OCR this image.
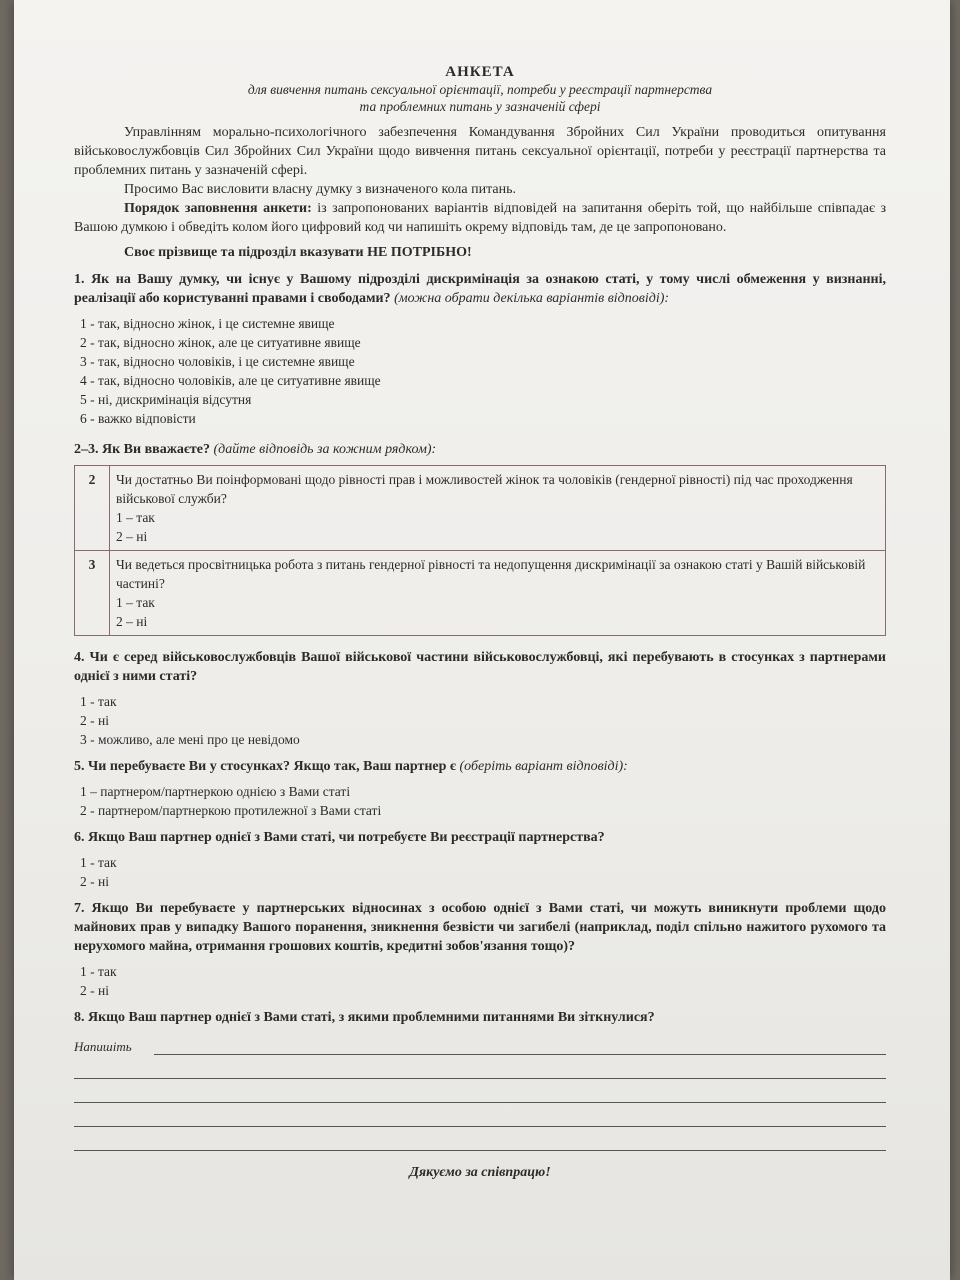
АНКЕТА
для вивчення питань сексуальної орієнтації, потреби у реєстрації партнерства
та проблемних питань у зазначеній сфері

Управлінням морально-психологічного забезпечення Командування Збройних Сил України проводиться опитування військовослужбовців Сил Збройних Сил України щодо вивчення питань сексуальної орієнтації, потреби у реєстрації партнерства та проблемних питань у зазначеній сфері.

Просимо Вас висловити власну думку з визначеного кола питань.

Порядок заповнення анкети: із запропонованих варіантів відповідей на запитання оберіть той, що найбільше співпадає з Вашою думкою і обведіть колом його цифровий код чи напишіть окрему відповідь там, де це запропоновано.

Своє прізвище та підрозділ вказувати НЕ ПОТРІБНО!

1. Як на Вашу думку, чи існує у Вашому підрозділі дискримінація за ознакою статі, у тому числі обмеження у визнанні, реалізації або користуванні правами і свободами? (можна обрати декілька варіантів відповіді):
1 - так, відносно жінок, і це системне явище
2 - так, відносно жінок, але це ситуативне явище
3 - так, відносно чоловіків, і це системне явище
4 - так, відносно чоловіків, але це ситуативне явище
5 - ні, дискримінація відсутня
6 - важко відповісти
2–3. Як Ви вважаєте? (дайте відповідь за кожним рядком):
2	Чи достатньо Ви поінформовані щодо рівності прав і можливостей жінок та чоловіків (гендерної рівності) під час проходження військової служби?
1 – так
2 – ні

3	Чи ведеться просвітницька робота з питань гендерної рівності та недопущення дискримінації за ознакою статі у Вашій військовій частині?
1 – так
2 – ні
4. Чи є серед військовослужбовців Вашої військової частини військовослужбовці, які перебувають в стосунках з партнерами однієї з ними статі?
1 - так
2 - ні
3 - можливо, але мені про це невідомо
5. Чи перебуваєте Ви у стосунках? Якщо так, Ваш партнер є (оберіть варіант відповіді):
1 – партнером/партнеркою однією з Вами статі
2 - партнером/партнеркою протилежної з Вами статі
6. Якщо Ваш партнер однієї з Вами статі, чи потребуєте Ви реєстрації партнерства?
1 - так
2 - ні
7. Якщо Ви перебуваєте у партнерських відносинах з особою однієї з Вами статі, чи можуть виникнути проблеми щодо майнових прав у випадку Вашого поранення, зникнення безвісти чи загибелі (наприклад, поділ спільно нажитого рухомого та нерухомого майна, отримання грошових коштів, кредитні зобов'язання тощо)?
1 - так
2 - ні
8. Якщо Ваш партнер однієї з Вами статі, з якими проблемними питаннями Ви зіткнулися?
Напишіть
Дякуємо за співпрацю!
